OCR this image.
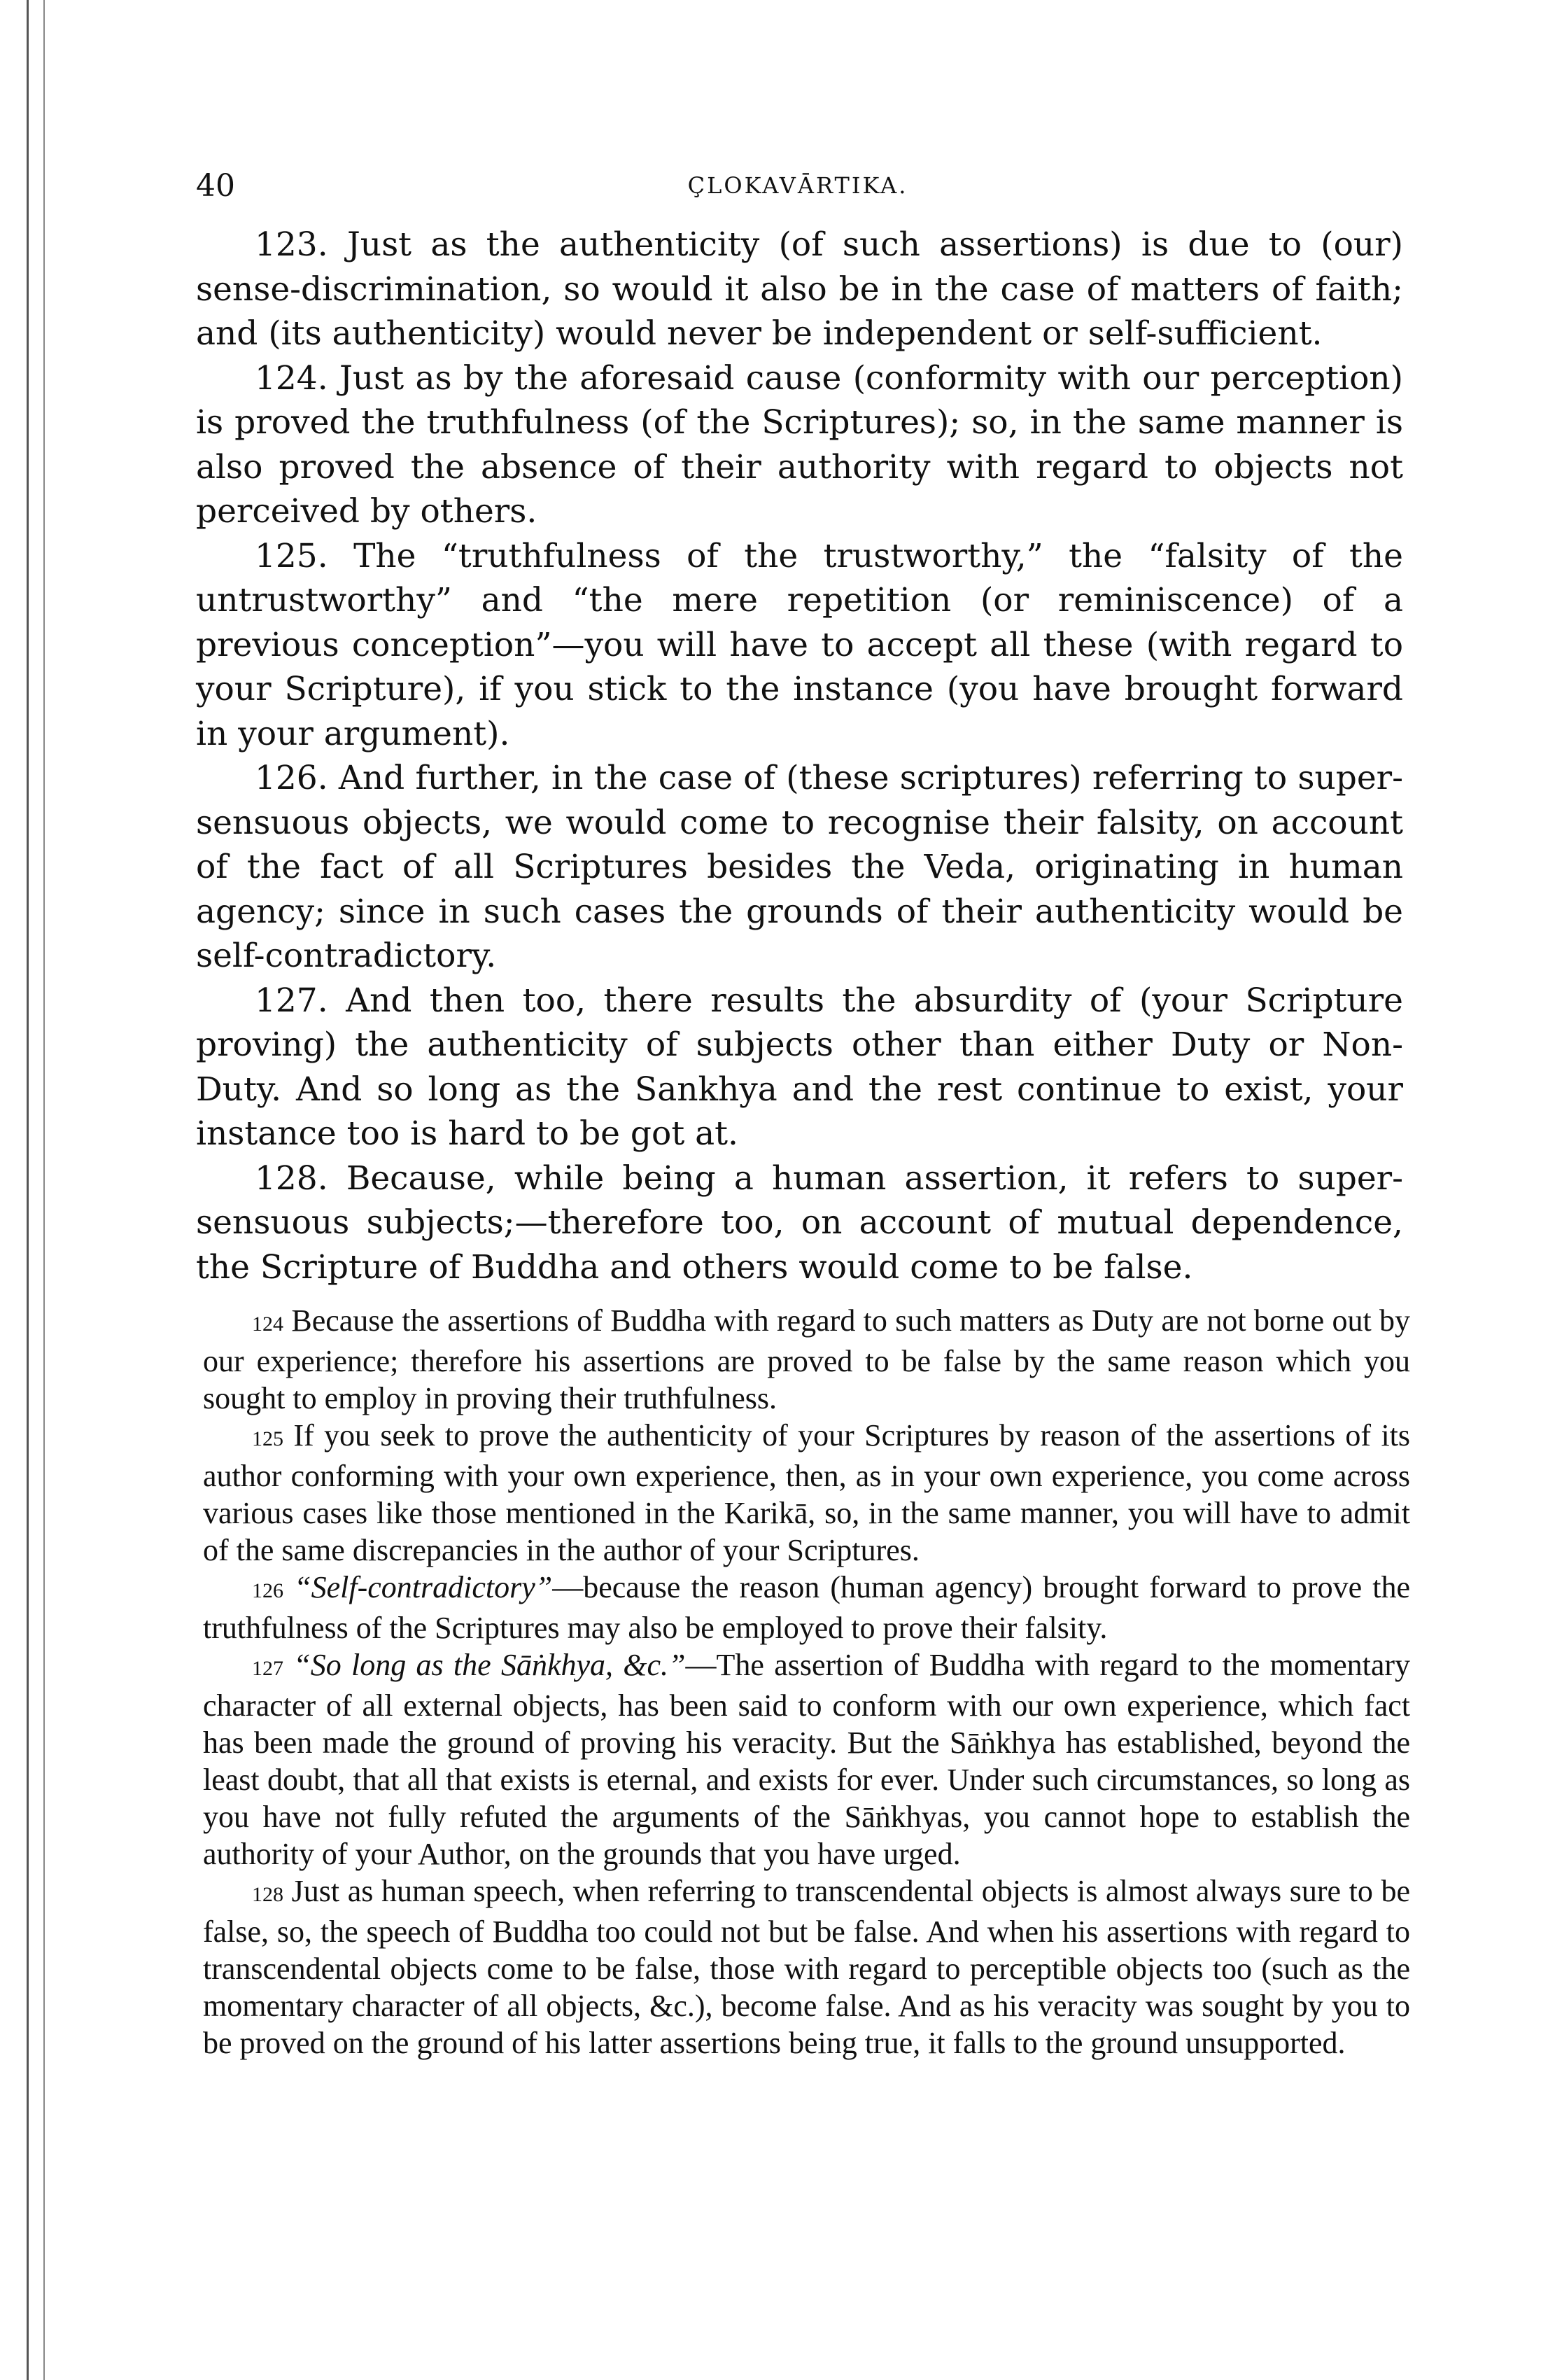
40	ÇLOKAVĀRTIKA.

123. Just as the authenticity (of such assertions) is due to (our) sense-discrimination, so would it also be in the case of matters of faith; and (its authenticity) would never be independent or self-sufficient.

124. Just as by the aforesaid cause (conformity with our perception) is proved the truthfulness (of the Scriptures); so, in the same manner is also proved the absence of their authority with regard to objects not perceived by others.

125. The “truthfulness of the trustworthy,” the “falsity of the untrustworthy” and “the mere repetition (or reminiscence) of a previous conception”—you will have to accept all these (with regard to your Scripture), if you stick to the instance (you have brought forward in your argument).

126. And further, in the case of (these scriptures) referring to super-sensuous objects, we would come to recognise their falsity, on account of the fact of all Scriptures besides the Veda, originating in human agency; since in such cases the grounds of their authenticity would be self-contradictory.

127. And then too, there results the absurdity of (your Scripture proving) the authenticity of subjects other than either Duty or Non-Duty. And so long as the Sankhya and the rest continue to exist, your instance too is hard to be got at.

128. Because, while being a human assertion, it refers to super-sensuous subjects;—therefore too, on account of mutual dependence, the Scripture of Buddha and others would come to be false.

124 Because the assertions of Buddha with regard to such matters as Duty are not borne out by our experience; therefore his assertions are proved to be false by the same reason which you sought to employ in proving their truthfulness.

125 If you seek to prove the authenticity of your Scriptures by reason of the assertions of its author conforming with your own experience, then, as in your own experience, you come across various cases like those mentioned in the Karikā, so, in the same manner, you will have to admit of the same discrepancies in the author of your Scriptures.

126 “Self-contradictory”—because the reason (human agency) brought forward to prove the truthfulness of the Scriptures may also be employed to prove their falsity.

127 “So long as the Sāṅkhya, &c.”—The assertion of Buddha with regard to the momentary character of all external objects, has been said to conform with our own experience, which fact has been made the ground of proving his veracity. But the Sāṅkhya has established, beyond the least doubt, that all that exists is eternal, and exists for ever. Under such circumstances, so long as you have not fully refuted the arguments of the Sāṅkhyas, you cannot hope to establish the authority of your Author, on the grounds that you have urged.

128 Just as human speech, when referring to transcendental objects is almost always sure to be false, so, the speech of Buddha too could not but be false. And when his assertions with regard to transcendental objects come to be false, those with regard to perceptible objects too (such as the momentary character of all objects, &c.), become false. And as his veracity was sought by you to be proved on the ground of his latter assertions being true, it falls to the ground unsupported.
